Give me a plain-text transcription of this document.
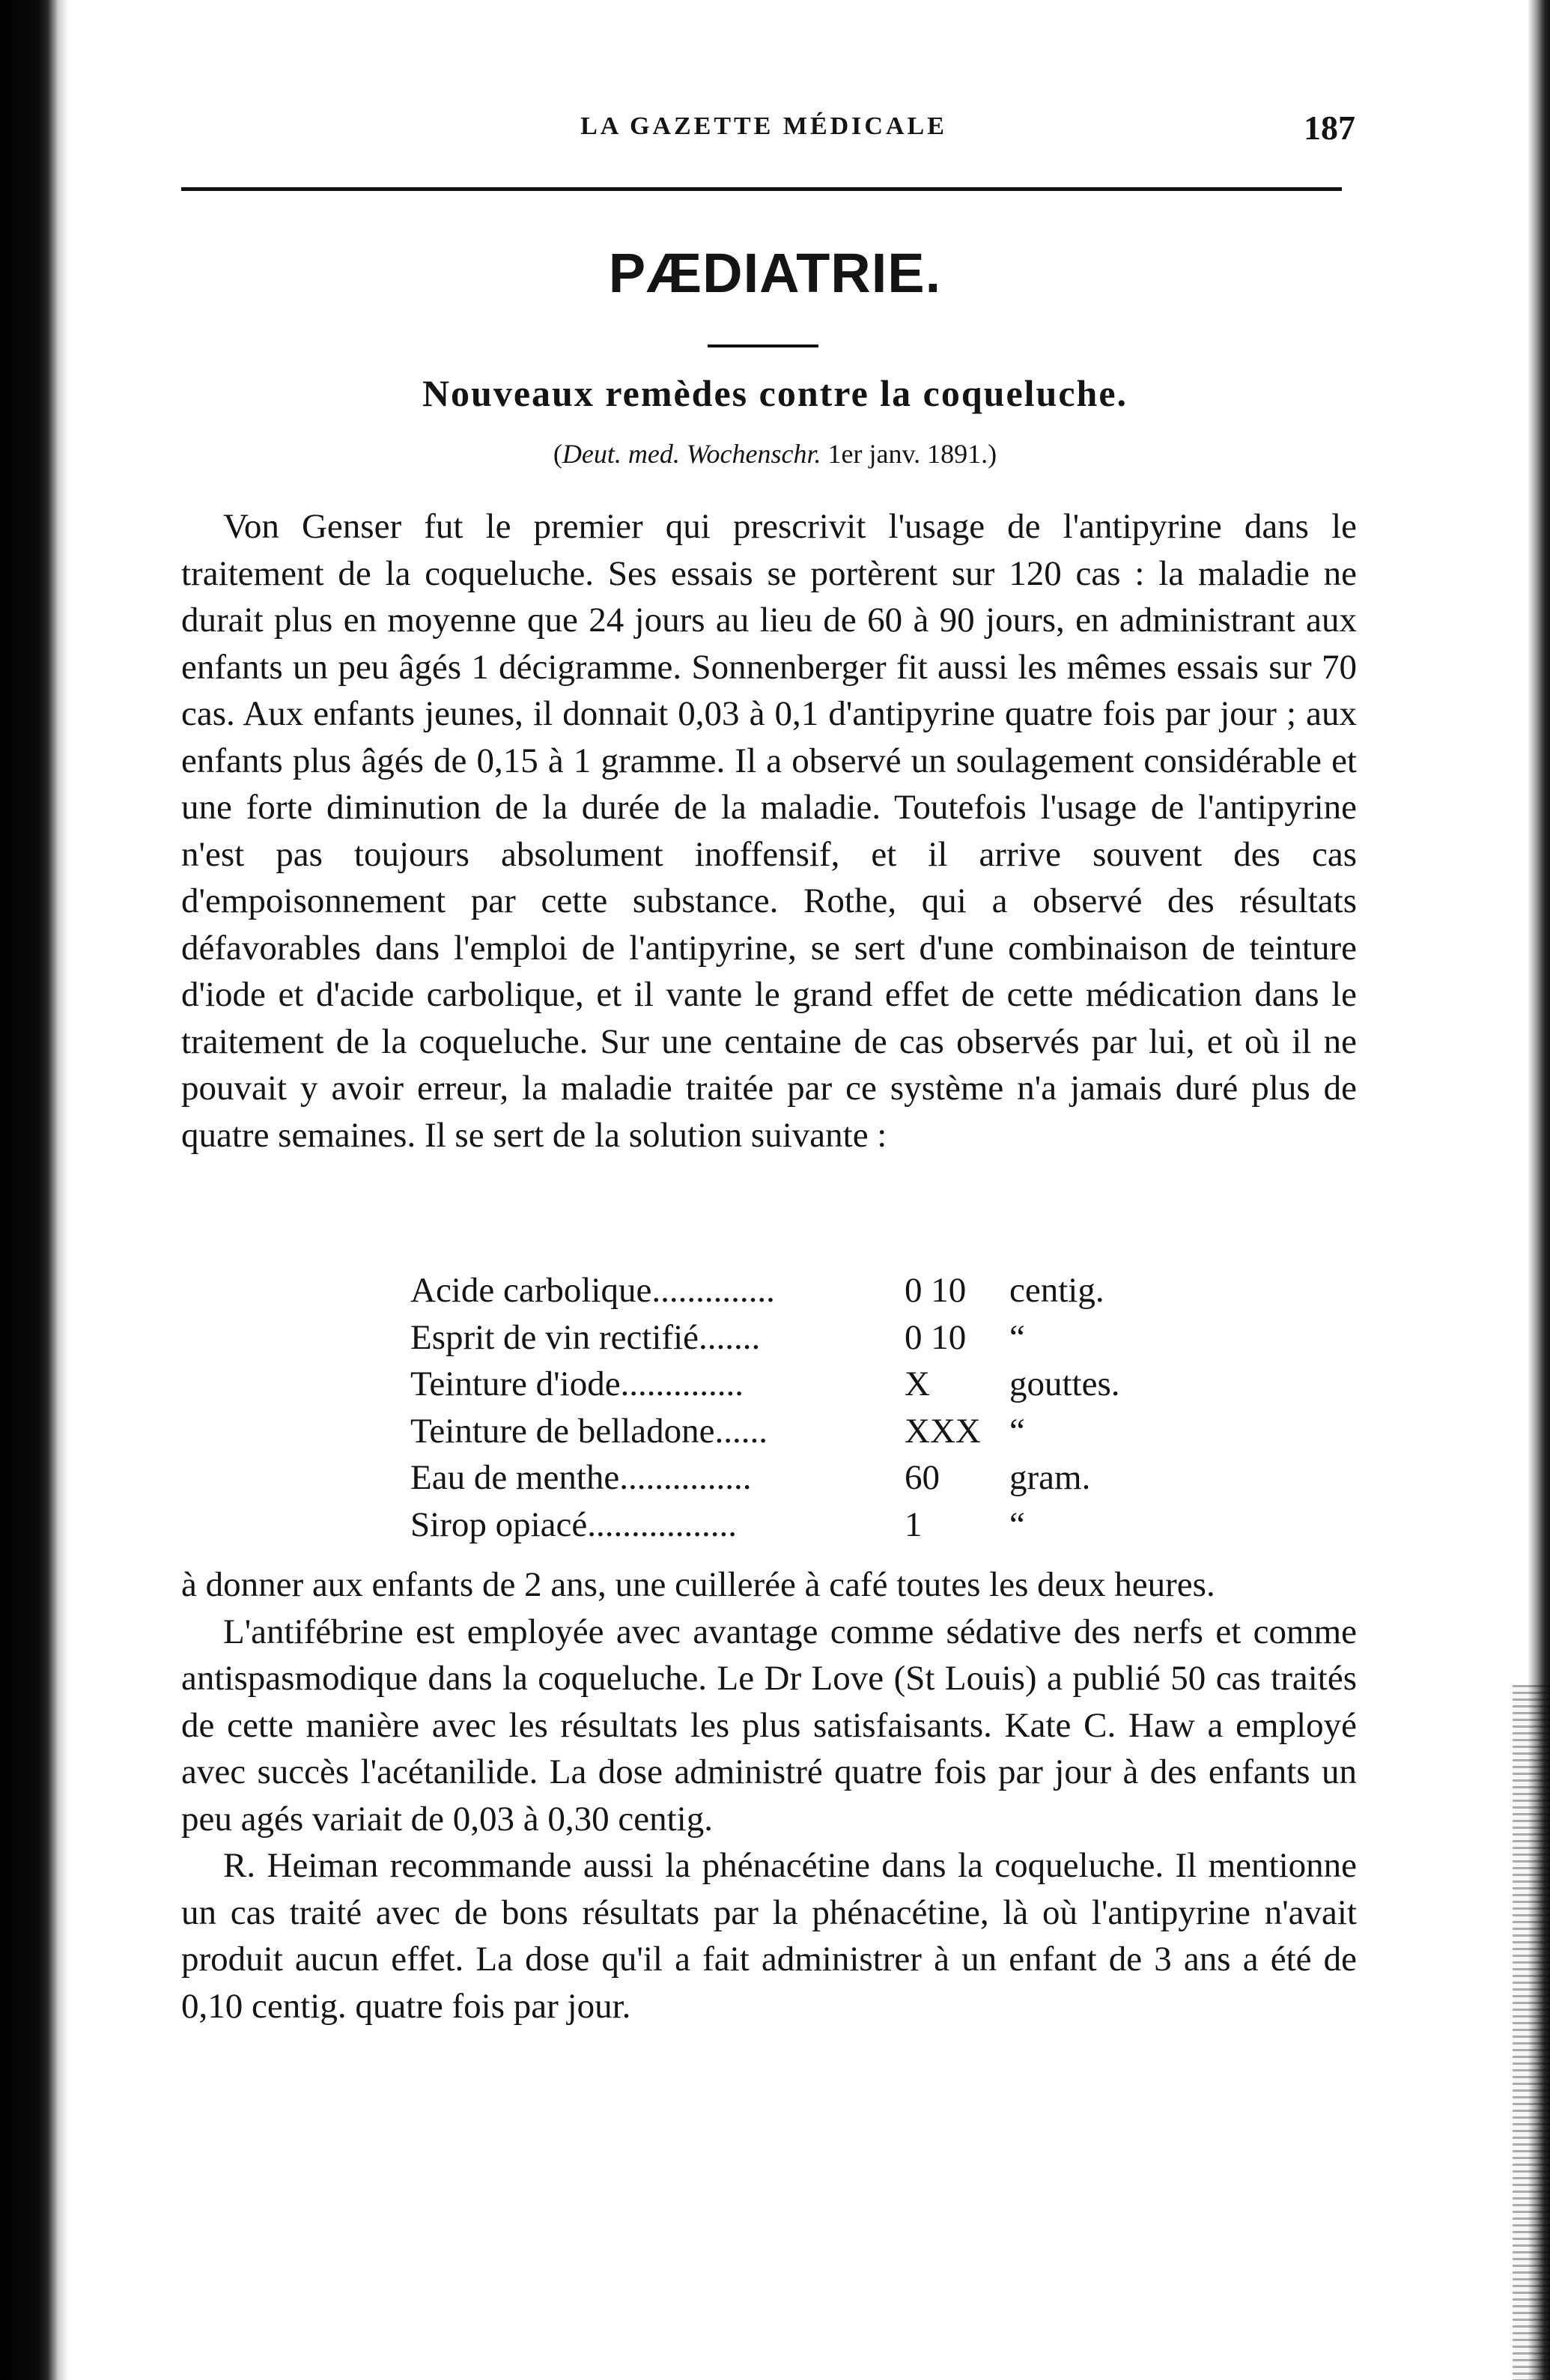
LA GAZETTE MÉDICALE	187
PÆDIATRIE.
Nouveaux remèdes contre la coqueluche.
(Deut. med. Wochenschr. 1er janv. 1891.)

Von Genser fut le premier qui prescrivit l'usage de l'antipyrine dans le traitement de la coqueluche. Ses essais se portèrent sur 120 cas : la maladie ne durait plus en moyenne que 24 jours au lieu de 60 à 90 jours, en administrant aux enfants un peu âgés 1 décigramme. Sonnenberger fit aussi les mêmes essais sur 70 cas. Aux enfants jeunes, il donnait 0,03 à 0,1 d'antipyrine quatre fois par jour ; aux enfants plus âgés de 0,15 à 1 gramme. Il a observé un soulagement considérable et une forte diminution de la durée de la maladie. Toutefois l'usage de l'antipyrine n'est pas toujours absolument inoffensif, et il arrive souvent des cas d'empoisonnement par cette substance. Rothe, qui a observé des résultats défavorables dans l'emploi de l'antipyrine, se sert d'une combinaison de teinture d'iode et d'acide carbolique, et il vante le grand effet de cette médication dans le traitement de la coqueluche. Sur une centaine de cas observés par lui, et où il ne pouvait y avoir erreur, la maladie traitée par ce système n'a jamais duré plus de quatre semaines. Il se sert de la solution suivante :

Acide carbolique..............	0 10 centig.
Esprit de vin rectifié.......	0 10 “
Teinture d'iode..............	X gouttes.
Teinture de belladone......	XXX “
Eau de menthe...............	60 gram.
Sirop opiacé.................	1 “

à donner aux enfants de 2 ans, une cuillerée à café toutes les deux heures.

L'antifébrine est employée avec avantage comme sédative des nerfs et comme antispasmodique dans la coqueluche. Le Dr Love (St Louis) a publié 50 cas traités de cette manière avec les résultats les plus satisfaisants. Kate C. Haw a employé avec succès l'acétanilide. La dose administré quatre fois par jour à des enfants un peu agés variait de 0,03 à 0,30 centig.

R. Heiman recommande aussi la phénacétine dans la coqueluche. Il mentionne un cas traité avec de bons résultats par la phénacétine, là où l'antipyrine n'avait produit aucun effet. La dose qu'il a fait administrer à un enfant de 3 ans a été de 0,10 centig. quatre fois par jour.
